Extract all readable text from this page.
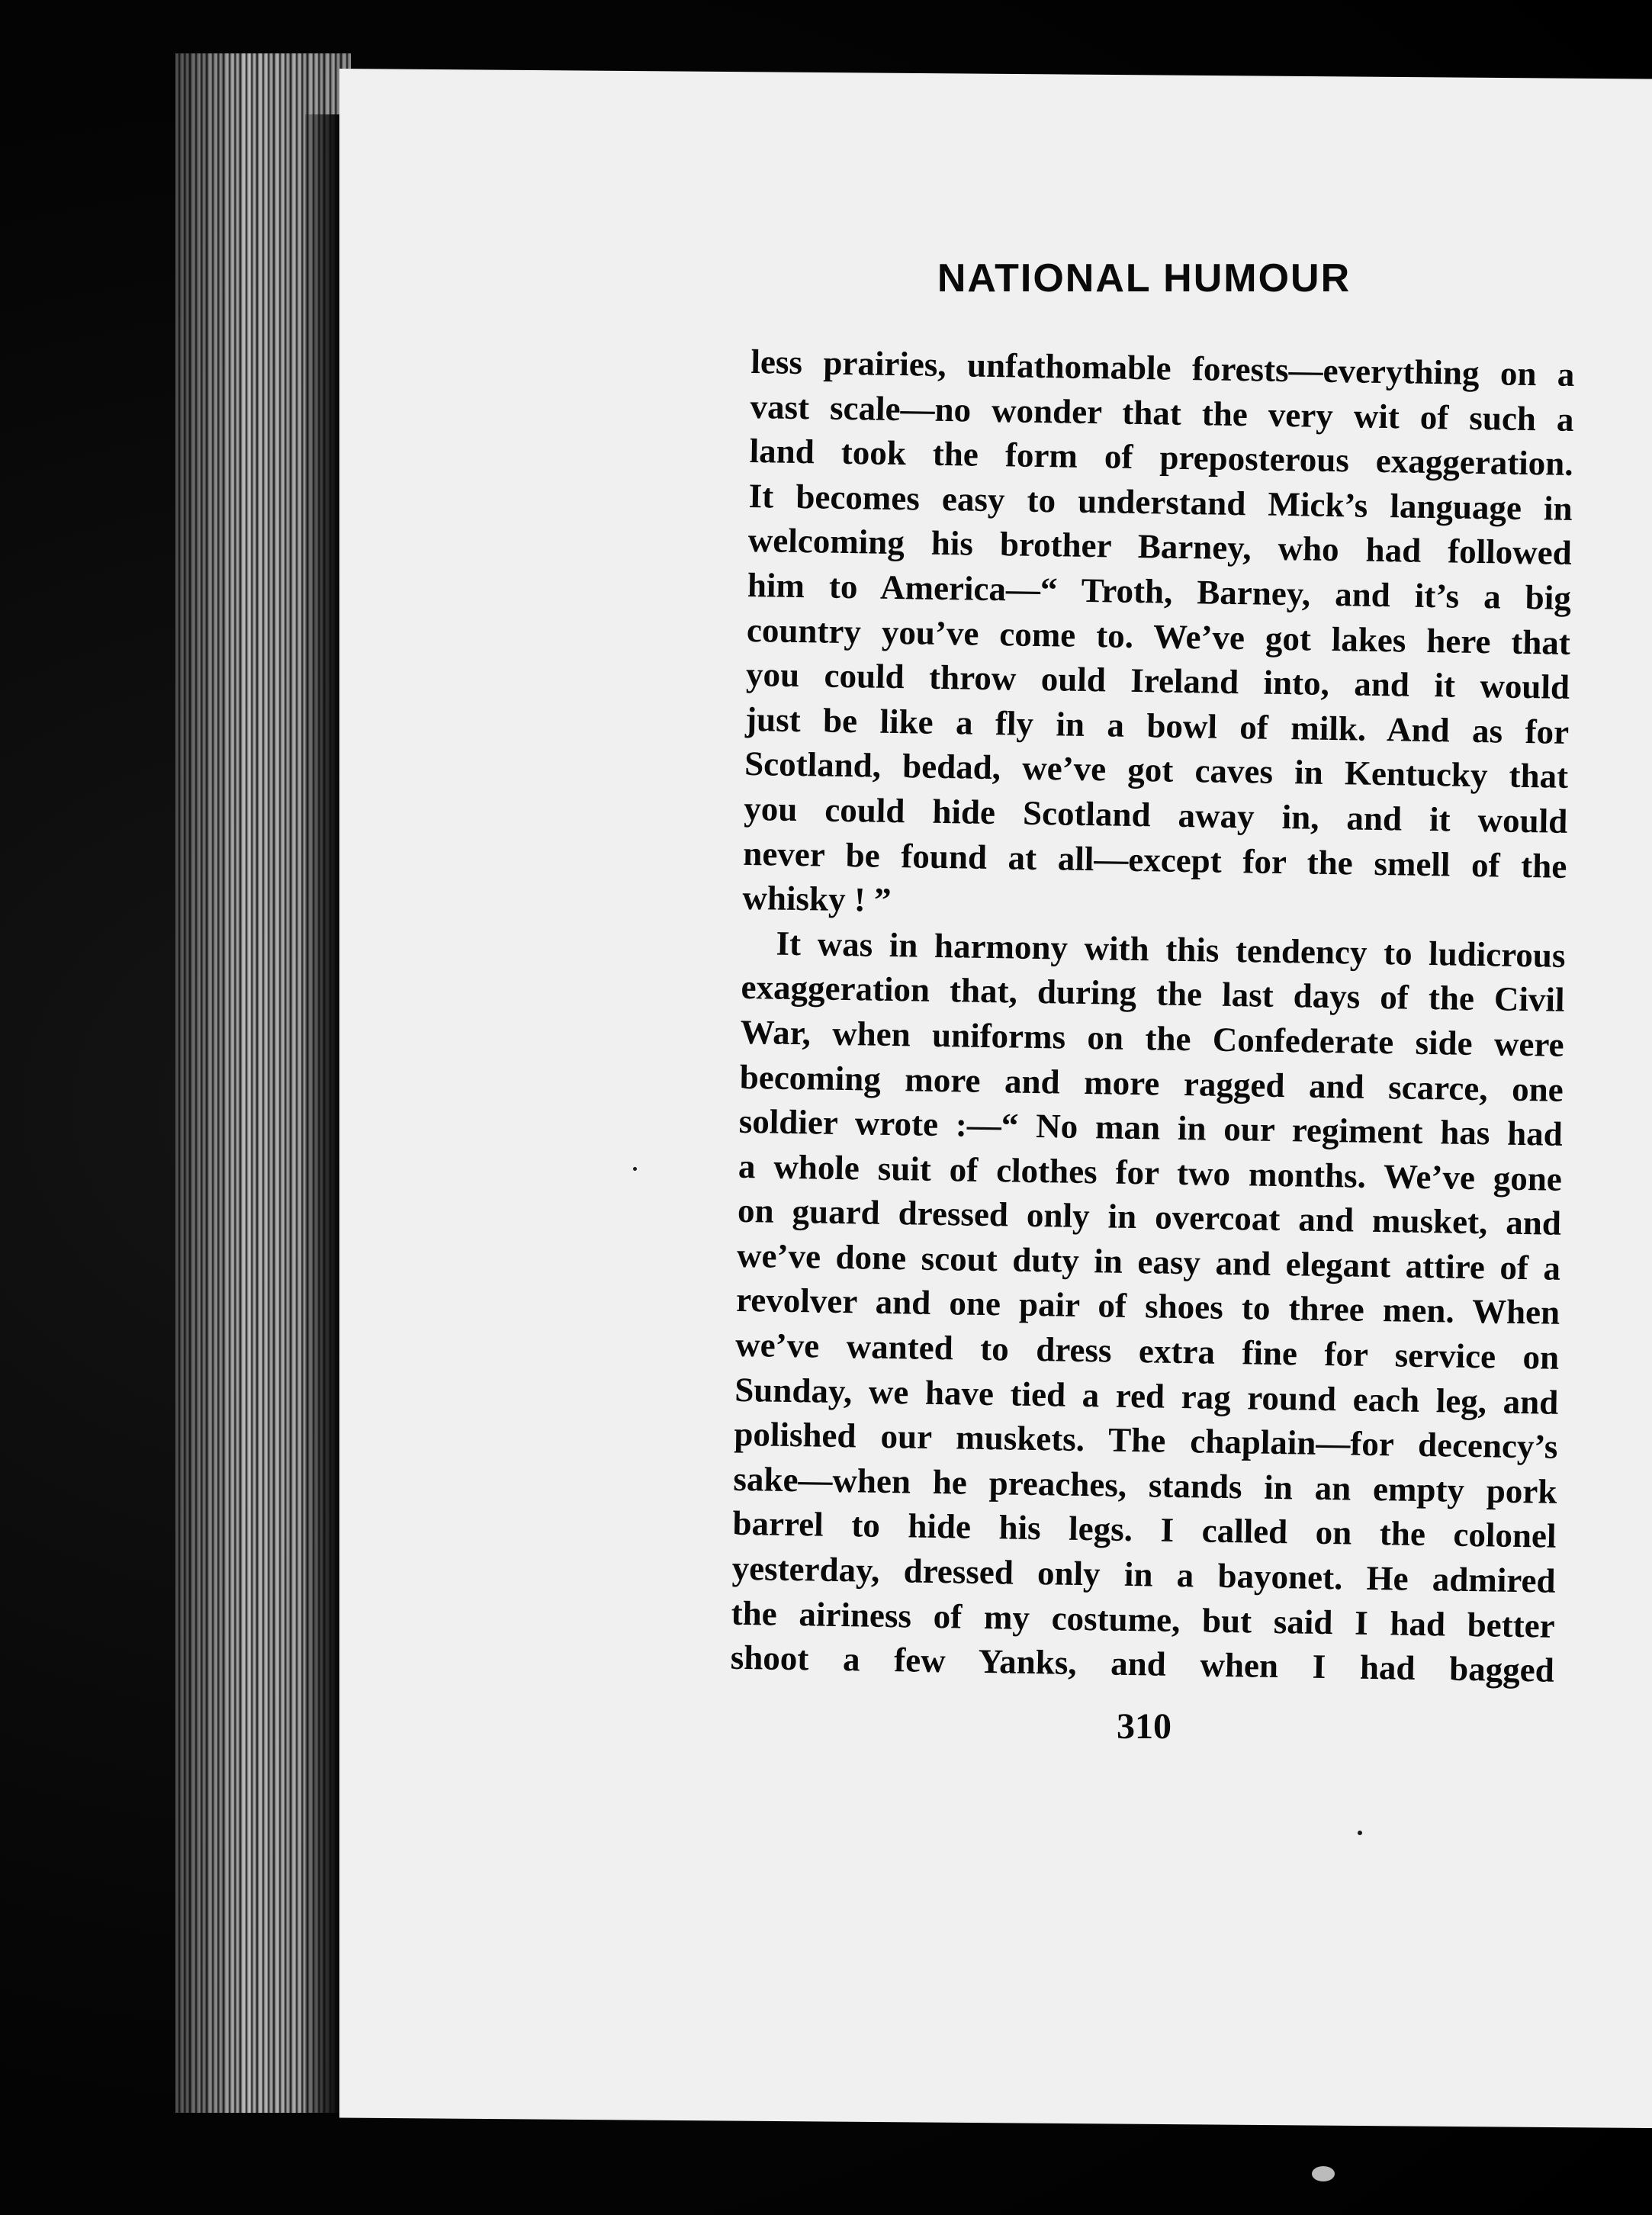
NATIONAL HUMOUR
less prairies, unfathomable forests—everything on a
vast scale—no wonder that the very wit of such a
land took the form of preposterous exaggeration.
It becomes easy to understand Mick’s language in
welcoming his brother Barney, who had followed
him to America—“ Troth, Barney, and it’s a big
country you’ve come to. We’ve got lakes here that
you could throw ould Ireland into, and it would
just be like a fly in a bowl of milk. And as for
Scotland, bedad, we’ve got caves in Kentucky that
you could hide Scotland away in, and it would
never be found at all—except for the smell of the
whisky ! ”
It was in harmony with this tendency to ludicrous
exaggeration that, during the last days of the Civil
War, when uniforms on the Confederate side were
becoming more and more ragged and scarce, one
soldier wrote :—“ No man in our regiment has had
a whole suit of clothes for two months. We’ve gone
on guard dressed only in overcoat and musket, and
we’ve done scout duty in easy and elegant attire of a
revolver and one pair of shoes to three men. When
we’ve wanted to dress extra fine for service on
Sunday, we have tied a red rag round each leg, and
polished our muskets. The chaplain—for decency’s
sake—when he preaches, stands in an empty pork
barrel to hide his legs. I called on the colonel
yesterday, dressed only in a bayonet. He admired
the airiness of my costume, but said I had better
shoot a few Yanks, and when I had bagged
310
